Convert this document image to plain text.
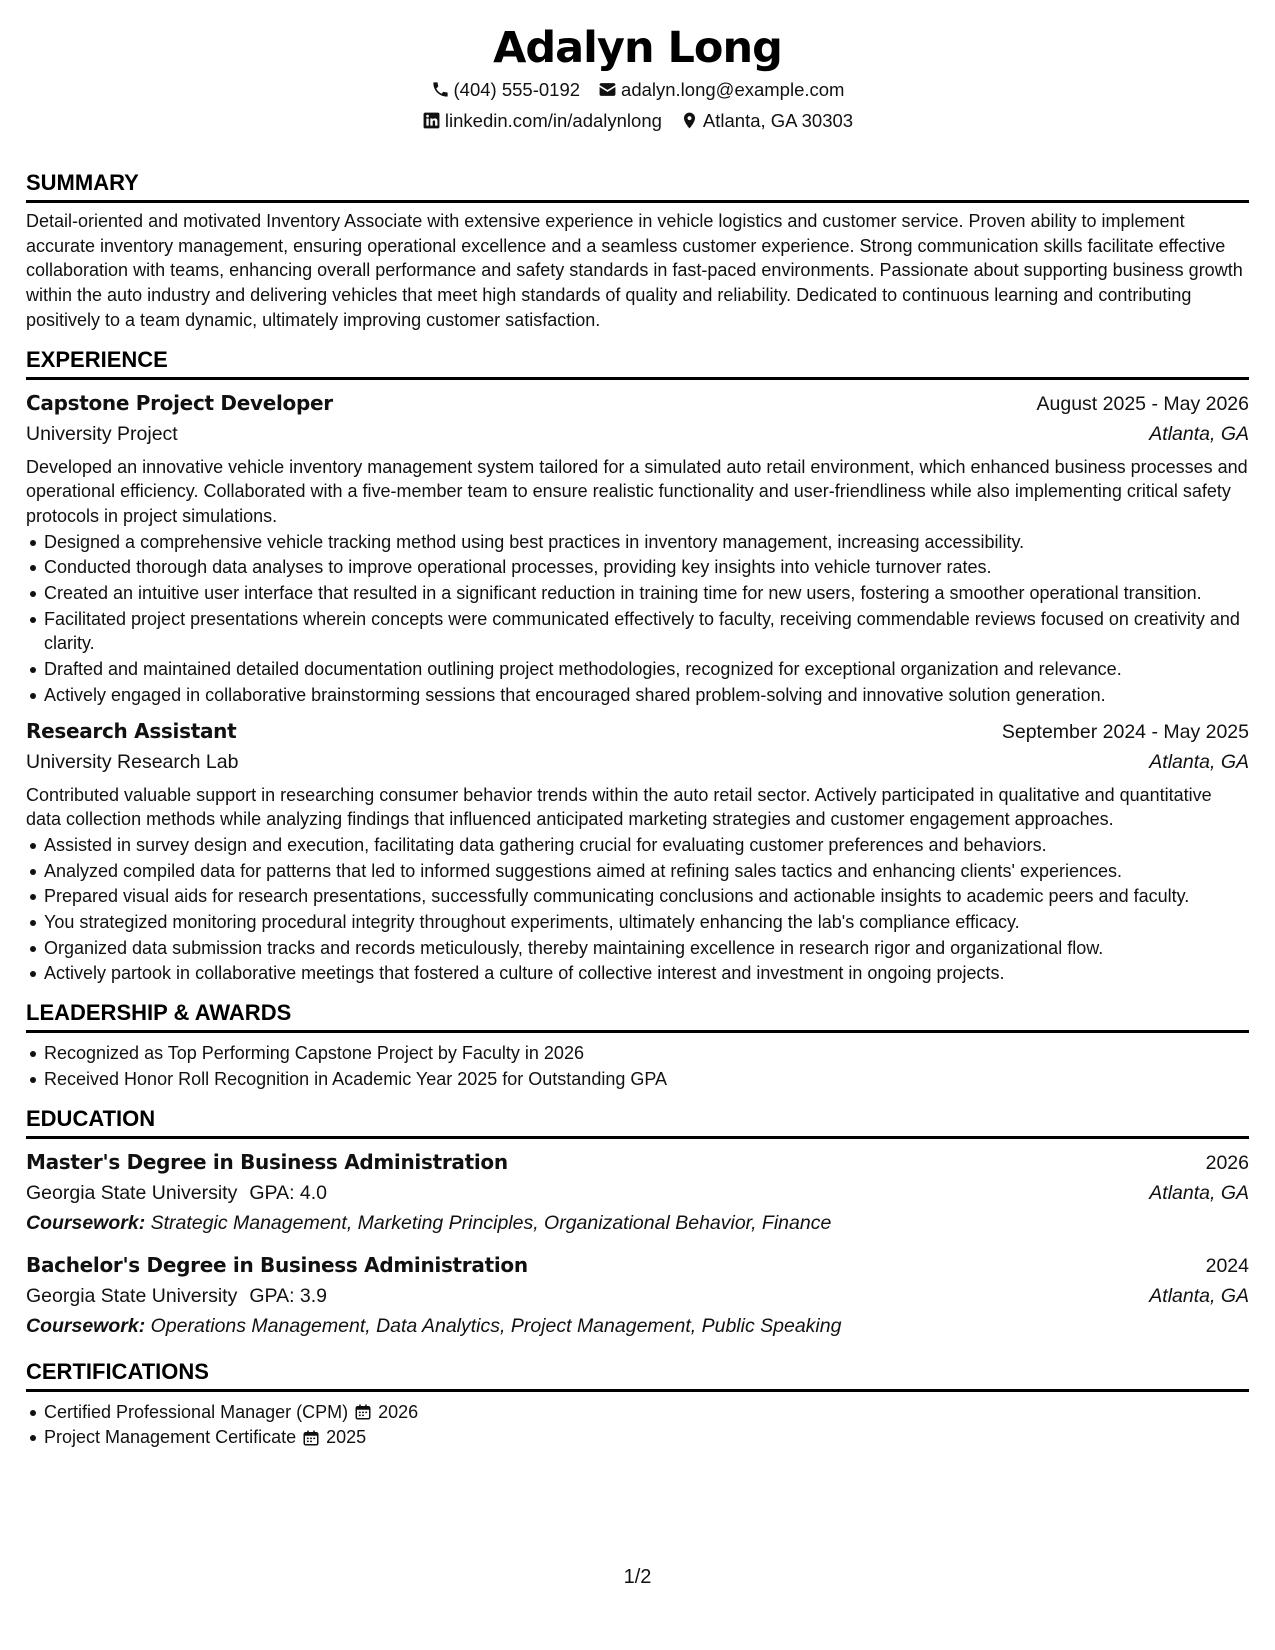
Adalyn Long
(404) 555-0192 adalyn.long@example.com
linkedin.com/in/adalynlong Atlanta, GA 30303
SUMMARY

Detail-oriented and motivated Inventory Associate with extensive experience in vehicle logistics and customer service. Proven ability to implement accurate inventory management, ensuring operational excellence and a seamless customer experience. Strong communication skills facilitate effective collaboration with teams, enhancing overall performance and safety standards in fast-paced environments. Passionate about supporting business growth within the auto industry and delivering vehicles that meet high standards of quality and reliability. Dedicated to continuous learning and contributing positively to a team dynamic, ultimately improving customer satisfaction.

EXPERIENCE
Capstone Project Developer	August 2025 - May 2026
University Project	Atlanta, GA

Developed an innovative vehicle inventory management system tailored for a simulated auto retail environment, which enhanced business processes and operational efficiency. Collaborated with a five-member team to ensure realistic functionality and user-friendliness while also implementing critical safety protocols in project simulations.

Designed a comprehensive vehicle tracking method using best practices in inventory management, increasing accessibility.
Conducted thorough data analyses to improve operational processes, providing key insights into vehicle turnover rates.
Created an intuitive user interface that resulted in a significant reduction in training time for new users, fostering a smoother operational transition.
Facilitated project presentations wherein concepts were communicated effectively to faculty, receiving commendable reviews focused on creativity and clarity.
Drafted and maintained detailed documentation outlining project methodologies, recognized for exceptional organization and relevance.
Actively engaged in collaborative brainstorming sessions that encouraged shared problem-solving and innovative solution generation.
Research Assistant	September 2024 - May 2025
University Research Lab	Atlanta, GA

Contributed valuable support in researching consumer behavior trends within the auto retail sector. Actively participated in qualitative and quantitative data collection methods while analyzing findings that influenced anticipated marketing strategies and customer engagement approaches.

Assisted in survey design and execution, facilitating data gathering crucial for evaluating customer preferences and behaviors.
Analyzed compiled data for patterns that led to informed suggestions aimed at refining sales tactics and enhancing clients' experiences.
Prepared visual aids for research presentations, successfully communicating conclusions and actionable insights to academic peers and faculty.
You strategized monitoring procedural integrity throughout experiments, ultimately enhancing the lab's compliance efficacy.
Organized data submission tracks and records meticulously, thereby maintaining excellence in research rigor and organizational flow.
Actively partook in collaborative meetings that fostered a culture of collective interest and investment in ongoing projects.
LEADERSHIP & AWARDS
Recognized as Top Performing Capstone Project by Faculty in 2026
Received Honor Roll Recognition in Academic Year 2025 for Outstanding GPA
EDUCATION
Master's Degree in Business Administration	2026
Georgia State University GPA: 4.0	Atlanta, GA
Coursework: Strategic Management, Marketing Principles, Organizational Behavior, Finance
Bachelor's Degree in Business Administration	2024
Georgia State University GPA: 3.9	Atlanta, GA
Coursework: Operations Management, Data Analytics, Project Management, Public Speaking
CERTIFICATIONS
Certified Professional Manager (CPM) 2026
Project Management Certificate 2025
1/2
